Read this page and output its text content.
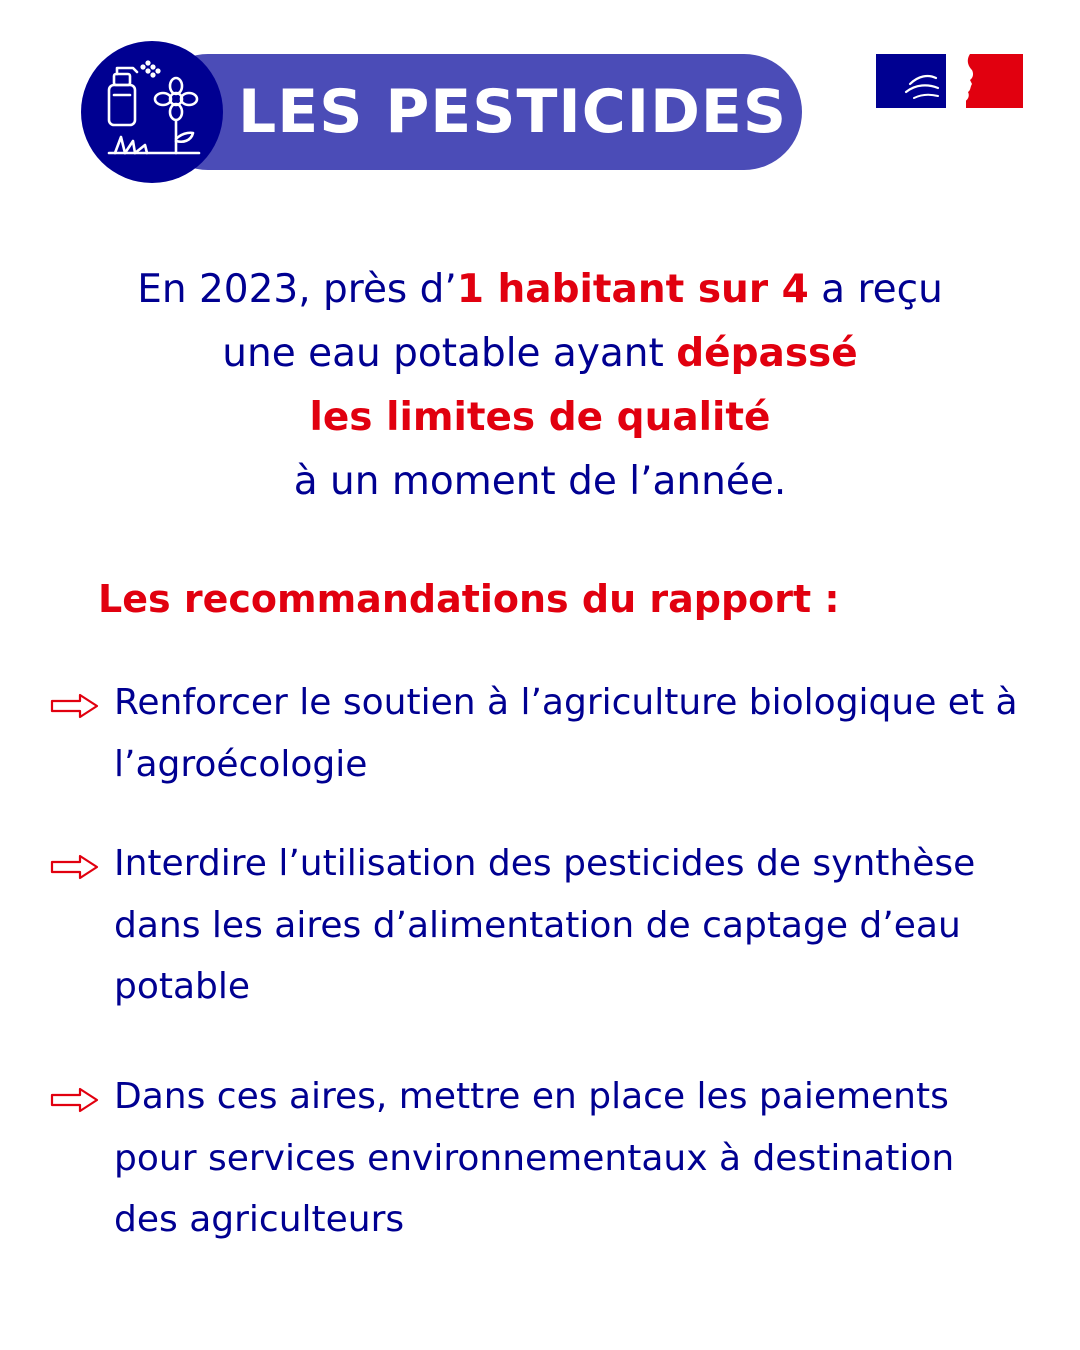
LES PESTICIDES
En 2023, près d’1 habitant sur 4 a reçu
une eau potable ayant dépassé
les limites de qualité
à un moment de l’année.
Les recommandations du rapport :
Renforcer le soutien à l’agriculture biologique et à l’agroécologie
Interdire l’utilisation des pesticides de synthèse dans les aires d’alimentation de captage d’eau potable
Dans ces aires, mettre en place les paiements pour services environnementaux à destination des agriculteurs
